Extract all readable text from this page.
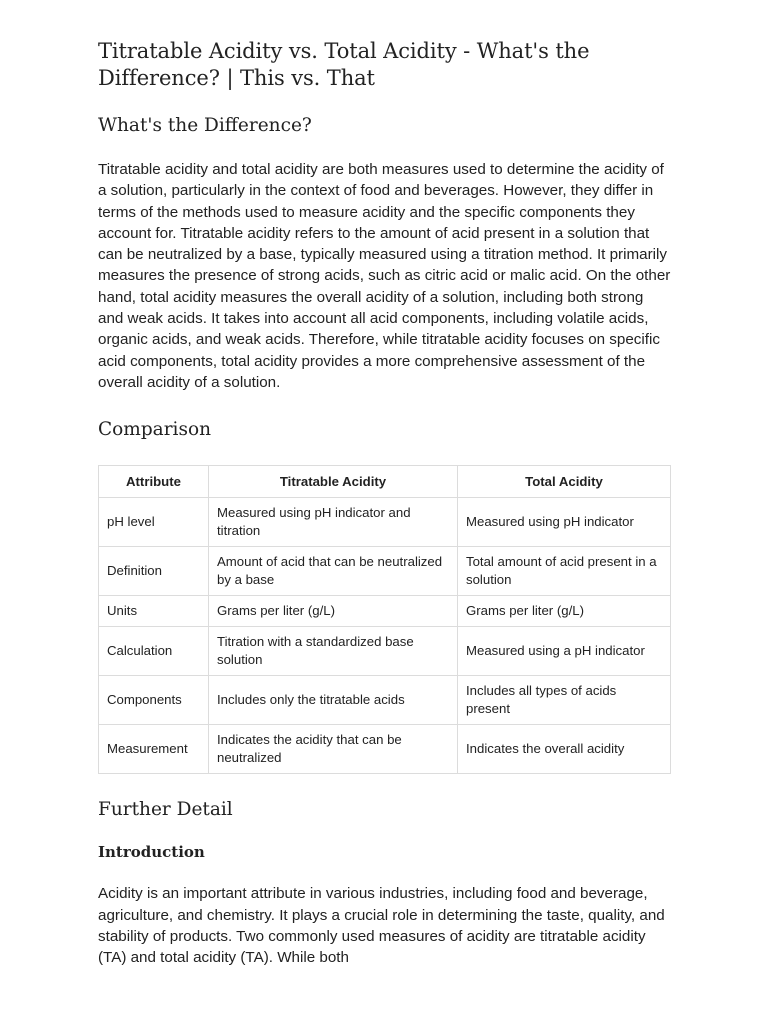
Titratable Acidity vs. Total Acidity - What's the Difference? | This vs. That
What's the Difference?

Titratable acidity and total acidity are both measures used to determine the acidity of a solution, particularly in the context of food and beverages. However, they differ in terms of the methods used to measure acidity and the specific components they account for. Titratable acidity refers to the amount of acid present in a solution that can be neutralized by a base, typically measured using a titration method. It primarily measures the presence of strong acids, such as citric acid or malic acid. On the other hand, total acidity measures the overall acidity of a solution, including both strong and weak acids. It takes into account all acid components, including volatile acids, organic acids, and weak acids. Therefore, while titratable acidity focuses on specific acid components, total acidity provides a more comprehensive assessment of the overall acidity of a solution.

Comparison
Attribute	Titratable Acidity	Total Acidity
pH level	Measured using pH indicator and titration	Measured using pH indicator
Definition	Amount of acid that can be neutralized by a base	Total amount of acid present in a solution
Units	Grams per liter (g/L)	Grams per liter (g/L)
Calculation	Titration with a standardized base solution	Measured using a pH indicator
Components	Includes only the titratable acids	Includes all types of acids present
Measurement	Indicates the acidity that can be neutralized	Indicates the overall acidity
Further Detail
Introduction

Acidity is an important attribute in various industries, including food and beverage, agriculture, and chemistry. It plays a crucial role in determining the taste, quality, and stability of products. Two commonly used measures of acidity are titratable acidity (TA) and total acidity (TA). While both
